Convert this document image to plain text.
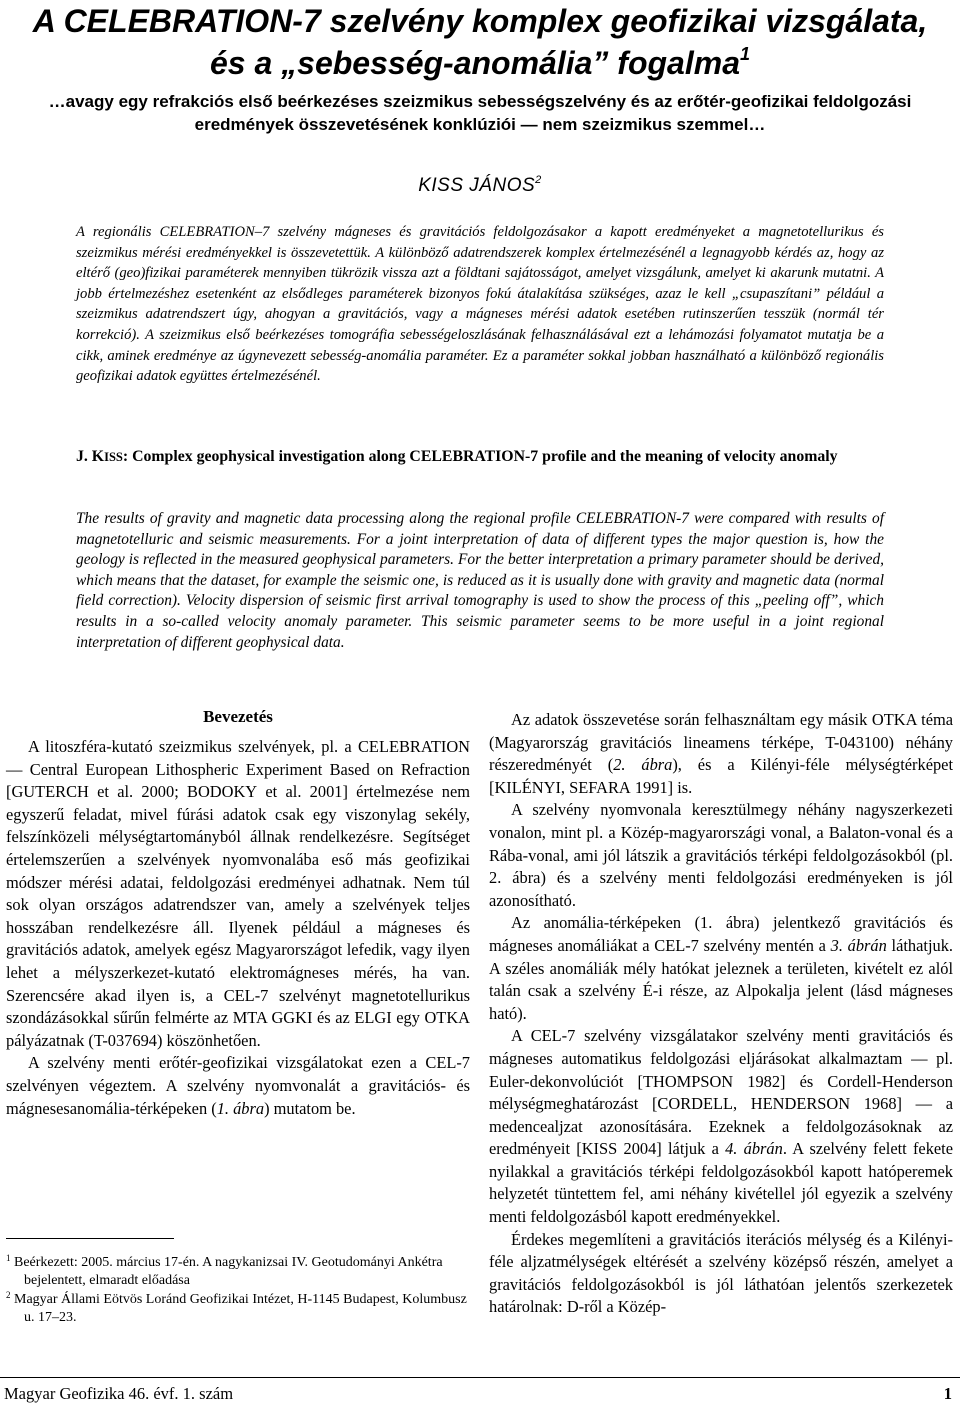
A CELEBRATION-7 szelvény komplex geofizikai vizsgálata,
és a „sebesség-anomália” fogalma$^1$

…avagy egy refrakciós első beérkezéses szeizmikus sebességszelvény és az erőtér-geofizikai feldolgozási
eredmények összevetésének konklúziói — nem szeizmikus szemmel…

KISS JÁNOS$^2$

A regionális CELEBRATION–7 szelvény mágneses és gravitációs feldolgozásakor a kapott eredményeket a magnetotellurikus és szeizmikus mérési eredményekkel is összevetettük. A különböző adatrendszerek komplex értelmezésénél a legnagyobb kérdés az, hogy az eltérő (geo)fizikai paraméterek mennyiben tükrözik vissza azt a földtani sajátosságot, amelyet vizsgálunk, amelyet ki akarunk mutatni. A jobb értelmezéshez esetenként az elsődleges paraméterek bizonyos fokú átalakítása szükséges, azaz le kell „csupaszítani” például a szeizmikus adatrendszert úgy, ahogyan a gravitációs, vagy a mágneses mérési adatok esetében rutinszerűen tesszük (normál tér korrekció). A szeizmikus első beérkezéses tomográfia sebességeloszlásának felhasználásával ezt a lehámozási folyamatot mutatja be a cikk, aminek eredménye az úgynevezett sebesség-anomália paraméter. Ez a paraméter sokkal jobban használható a különböző regionális geofizikai adatok együttes értelmezésénél.

J. KISS: Complex geophysical investigation along CELEBRATION-7 profile and the meaning of velocity anomaly

The results of gravity and magnetic data processing along the regional profile CELEBRATION-7 were compared with results of magnetotelluric and seismic measurements. For a joint interpretation of data of different types the major question is, how the geology is reflected in the measured geophysical parameters. For the better interpretation a primary parameter should be derived, which means that the dataset, for example the seismic one, is reduced as it is usually done with gravity and magnetic data (normal field correction). Velocity dispersion of seismic first arrival tomography is used to show the process of this „peeling off”, which results in a so-called velocity anomaly parameter. This seismic parameter seems to be more useful in a joint regional interpretation of different geophysical data.

Bevezetés

A litoszféra-kutató szeizmikus szelvények, pl. a CELEBRATION — Central European Lithospheric Experiment Based on Refraction [GUTERCH et al. 2000; BODOKY et al. 2001] értelmezése nem egyszerű feladat, mivel fúrási adatok csak egy viszonylag sekély, felszínközeli mélységtartományból állnak rendelkezésre. Segítséget értelemszerűen a szelvények nyomvonalába eső más geofizikai módszer mérési adatai, feldolgozási eredményei adhatnak. Nem túl sok olyan országos adatrendszer van, amely a szelvények teljes hosszában rendelkezésre áll. Ilyenek például a mágneses és gravitációs adatok, amelyek egész Magyarországot lefedik, vagy ilyen lehet a mélyszerkezet-kutató elektromágneses mérés, ha van. Szerencsére akad ilyen is, a CEL-7 szelvényt magnetotellurikus szondázásokkal sűrűn felmérte az MTA GGKI és az ELGI egy OTKA pályázatnak (T-037694) köszönhetően.

A szelvény menti erőtér-geofizikai vizsgálatokat ezen a CEL-7 szelvényen végeztem. A szelvény nyomvonalát a gravitációs- és mágnesesanomália-térképeken (1. ábra) mutatom be.

$^1$ Beérkezett: 2005. március 17-én. A nagykanizsai IV. Geotudományi Ankétra bejelentett, elmaradt előadása

$^2$ Magyar Állami Eötvös Loránd Geofizikai Intézet, H-1145 Budapest, Kolumbusz u. 17–23.

Az adatok összevetése során felhasználtam egy másik OTKA téma (Magyarország gravitációs lineamens térképe, T-043100) néhány részeredményét (2. ábra), és a Kilényi-féle mélységtérképet [KILÉNYI, SEFARA 1991] is.

A szelvény nyomvonala keresztülmegy néhány nagyszerkezeti vonalon, mint pl. a Közép-magyarországi vonal, a Balaton-vonal és a Rába-vonal, ami jól látszik a gravitációs térképi feldolgozásokból (pl. 2. ábra) és a szelvény menti feldolgozási eredményeken is jól azonosítható.

Az anomália-térképeken (1. ábra) jelentkező gravitációs és mágneses anomáliákat a CEL-7 szelvény mentén a 3. ábrán láthatjuk. A széles anomáliák mély hatókat jeleznek a területen, kivételt ez alól talán csak a szelvény É-i része, az Alpokalja jelent (lásd mágneses ható).

A CEL-7 szelvény vizsgálatakor szelvény menti gravitációs és mágneses automatikus feldolgozási eljárásokat alkalmaztam — pl. Euler-dekonvolúciót [THOMPSON 1982] és Cordell-Henderson mélységmeghatározást [CORDELL, HENDERSON 1968] — a medencealjzat azonosítására. Ezeknek a feldolgozásoknak az eredményeit [KISS 2004] látjuk a 4. ábrán. A szelvény felett fekete nyilakkal a gravitációs térképi feldolgozásokból kapott hatóperemek helyzetét tüntettem fel, ami néhány kivétellel jól egyezik a szelvény menti feldolgozásból kapott eredményekkel.

Érdekes megemlíteni a gravitációs iterációs mélység és a Kilényi-féle aljzatmélységek eltérését a szelvény középső részén, amelyet a gravitációs feldolgozásokból is jól láthatóan jelentős szerkezetek határolnak: D-ről a Közép-

Magyar Geofizika 46. évf. 1. szám	1
